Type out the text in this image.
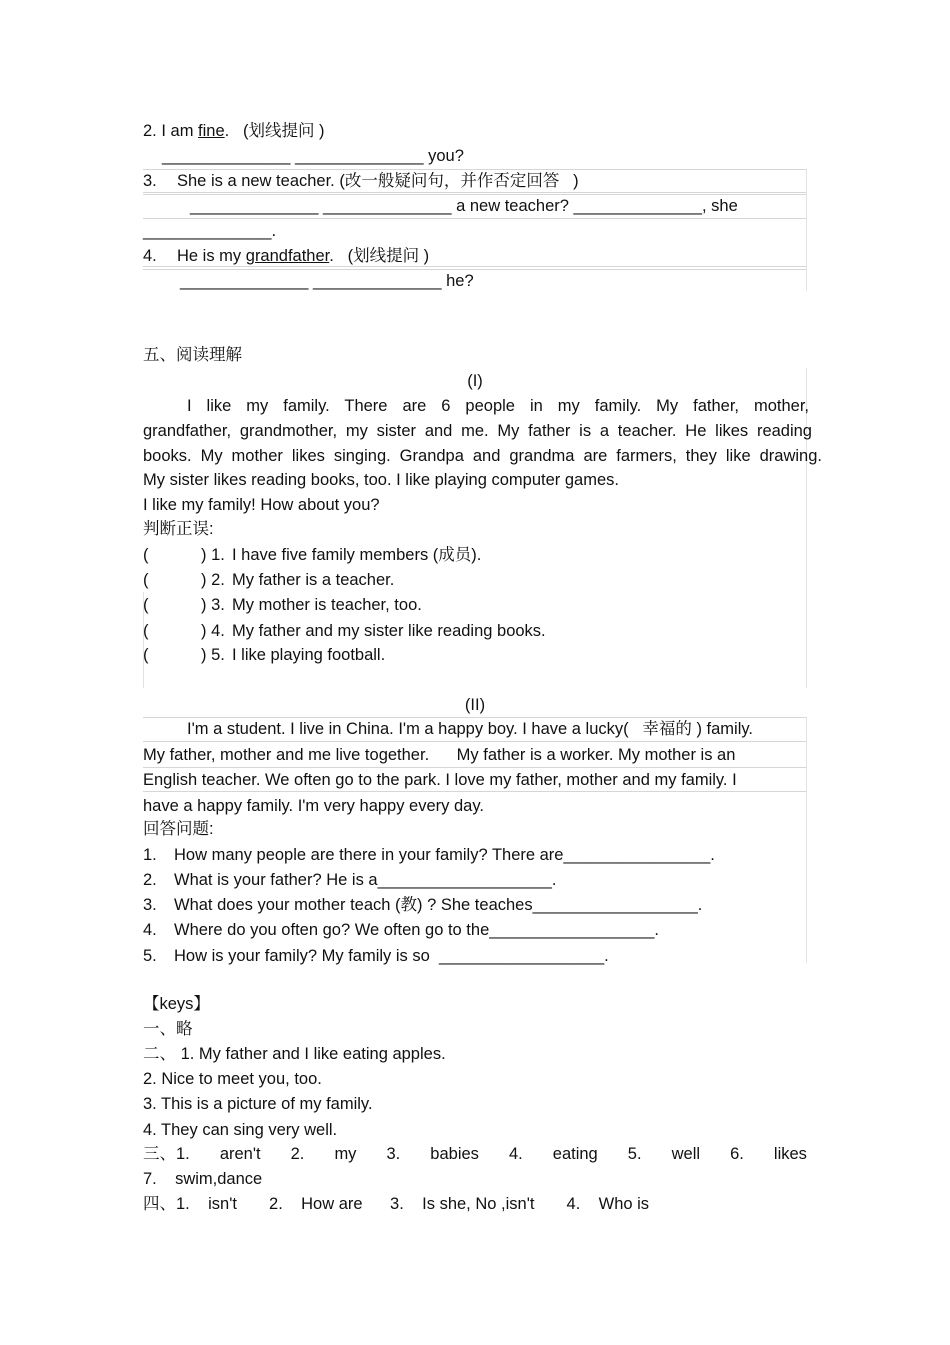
2. I am fine.   (划线提问 )
______________ ______________ you?
3. She is a new teacher. (改一般疑问句，并作否定回答   )
______________ ______________ a new teacher? ______________, she
______________.
4. He is my grandfather.   (划线提问 )
______________ ______________ he?
五、阅读理解
(I)
I like my family. There are 6 people in my family. My father, mother,
grandfather, grandmother, my sister and me. My father is a teacher. He likes reading
books. My mother likes singing. Grandpa and grandma are farmers, they like drawing.
My sister likes reading books, too. I like playing computer games.
I like my family! How about you?
判断正误:
(	) 1. I have five family members (成员).
(	) 2. My father is a teacher.
(	) 3. My mother is teacher, too.
(	) 4. My father and my sister like reading books.
(	) 5. I like playing football.
(II)
I'm a student. I live in China. I'm a happy boy. I have a lucky(   幸福的 ) family.
My father, mother and me live together.      My father is a worker. My mother is an
English teacher. We often go to the park. I love my father, mother and my family. I
have a happy family. I'm very happy every day.
回答问题:
1. How many people are there in your family? There are________________.
2. What is your father? He is a___________________.
3. What does your mother teach (教) ? She teaches__________________.
4. Where do you often go? We often go to the__________________.
5. How is your family? My family is so  __________________.
【keys】
一、略
二、 1. My father and I like eating apples.
2. Nice to meet you, too.
3. This is a picture of my family.
4. They can sing very well.
三、1. aren't 2. my 3. babies 4. eating 5. well 6. likes
7.    swim,dance
四、1.    isn't       2.    How are      3.    Is she, No ,isn't       4.    Who is
